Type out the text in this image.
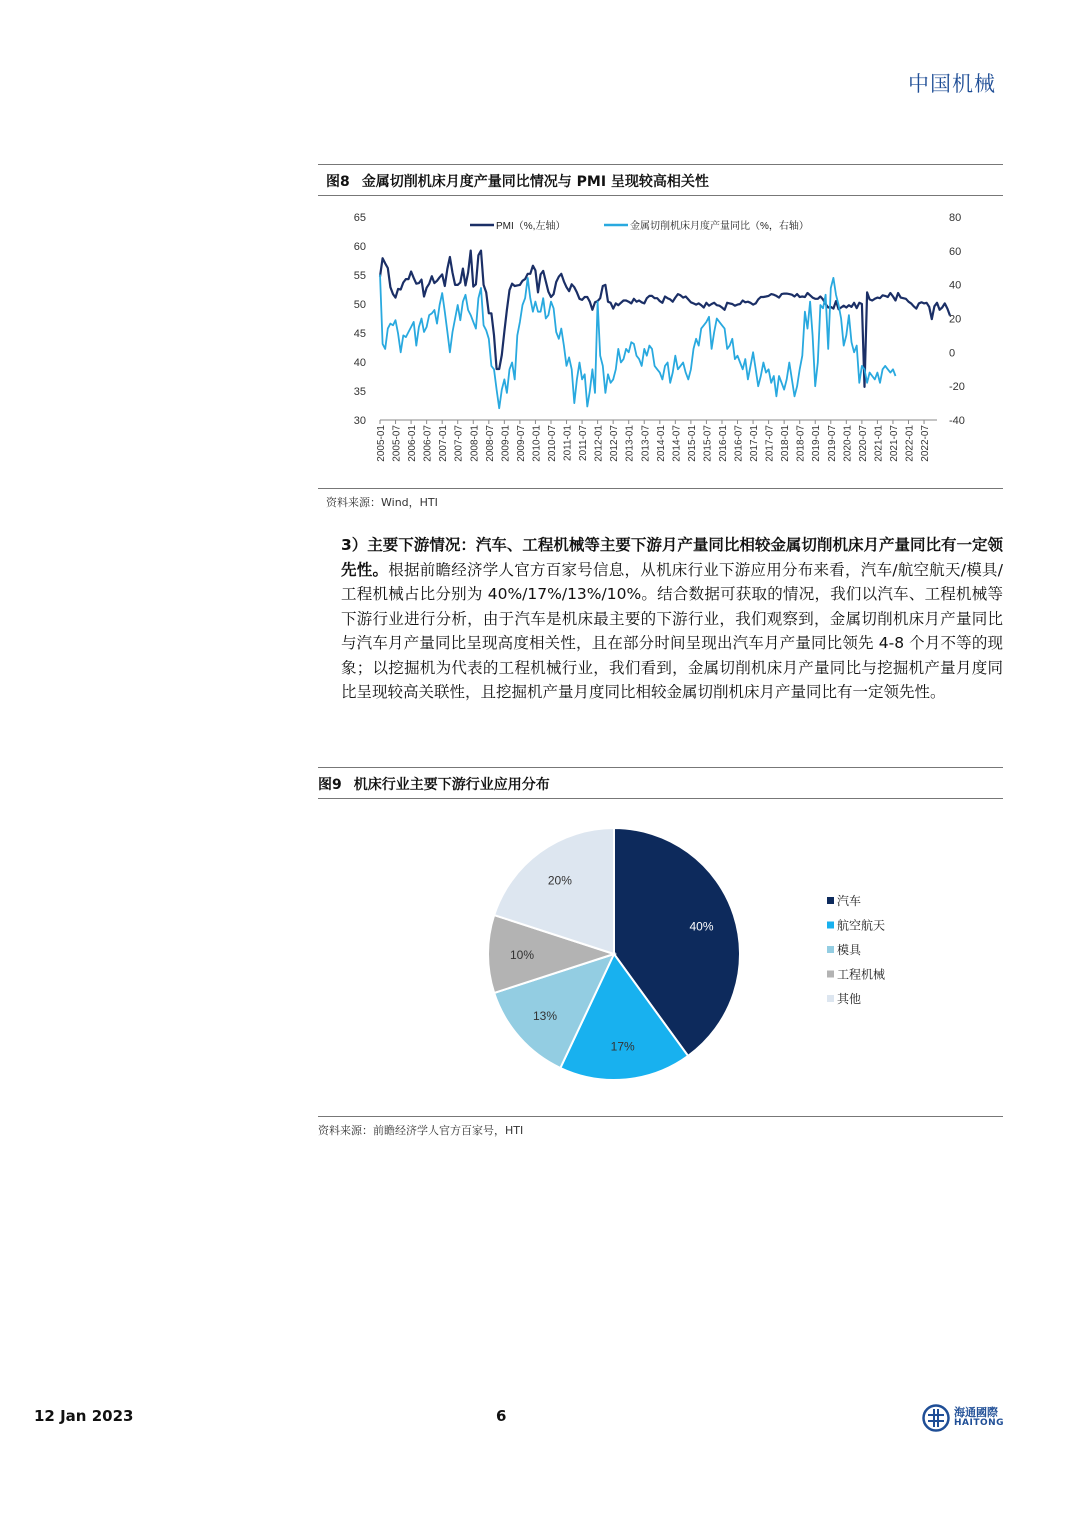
中国机械
图8 金属切削机床月度产量同比情况与 PMI 呈现较高相关性
30
35
40
45
50
55
60
65
-40
-20
0
20
40
60
80
2005-01 2005-07 2006-01 2006-07 2007-01 2007-07 2008-01 2008-07 2009-01 2009-07 2010-01 2010-07 2011-01 2011-07 2012-01 2012-07 2013-01 2013-07 2014-01 2014-07 2015-01 2015-07 2016-01 2016-07 2017-01 2017-07 2018-01 2018-07 2019-01 2019-07 2020-01 2020-07 2021-01 2021-07 2022-01 2022-07
PMI（%,左轴）	金属切削机床月度产量同比（%，右轴）
资料来源：Wind，HTI
3）主要下游情况：汽车、工程机械等主要下游月产量同比相较金属切削机床月产量同比有一定领先性。根据前瞻经济学人官方百家号信息，从机床行业下游应用分布来看，汽车/航空航天/模具/工程机械占比分别为 40%/17%/13%/10%。结合数据可获取的情况，我们以汽车、工程机械等下游行业进行分析，由于汽车是机床最主要的下游行业，我们观察到，金属切削机床月产量同比与汽车月产量同比呈现高度相关性，且在部分时间呈现出汽车月产量同比领先 4-8 个月不等的现象；以挖掘机为代表的工程机械行业，我们看到，金属切削机床月产量同比与挖掘机产量月度同比呈现较高关联性，且挖掘机产量月度同比相较金属切削机床月产量同比有一定领先性。
图9 机床行业主要下游行业应用分布
40%
17%
13%
10%
20%
汽车
航空航天
模具
工程机械
其他
资料来源：前瞻经济学人官方百家号，HTI
12 Jan 2023	6	海通國際
HAITONG
